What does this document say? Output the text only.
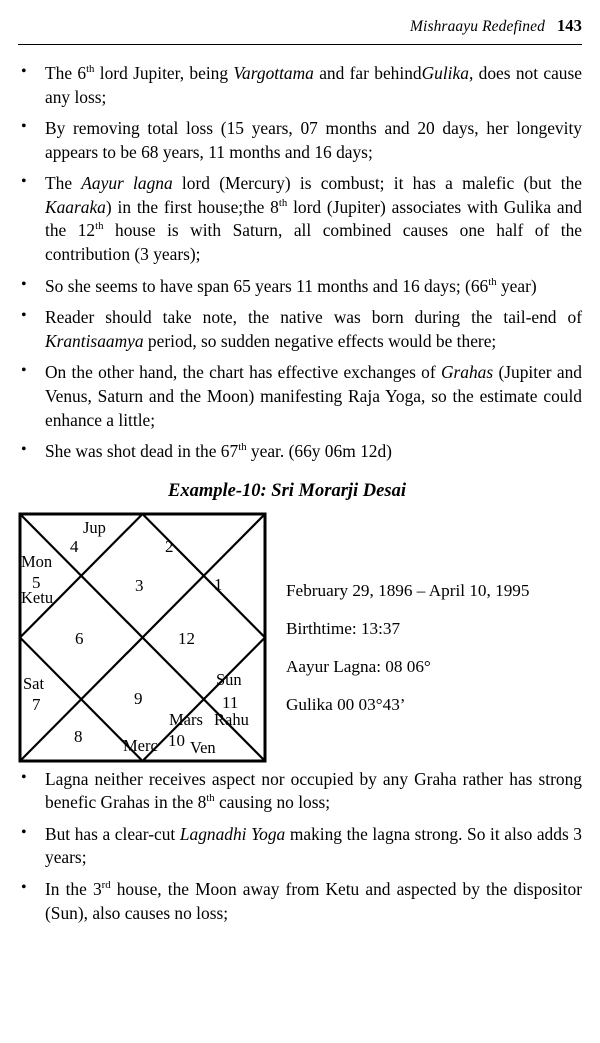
Mishraayu Redefined 143
• The 6th lord Jupiter, being Vargottama and far behindGulika, does not cause any loss;
• By removing total loss (15 years, 07 months and 20 days, her longevity appears to be 68 years, 11 months and 16 days;
• The Aayur lagna lord (Mercury) is combust; it has a malefic (but the Kaaraka) in the first house;the 8th lord (Jupiter) associates with Gulika and the 12th house is with Saturn, all combined causes one half of the contribution (3 years);
• So she seems to have span 65 years 11 months and 16 days; (66th year)
• Reader should take note, the native was born during the tail-end of Krantisaamya period, so sudden negative effects would be there;
• On the other hand, the chart has effective exchanges of Grahas (Jupiter and Venus, Saturn and the Moon) manifesting Raja Yoga, so the estimate could enhance a little;
• She was shot dead in the 67th year. (66y 06m 12d)
Example-10: Sri Morarji Desai
1
2
3
Jup
4
Mon
5
Ketu
6
Sat
7
8
9
Mars
10
Merc Ven
Sun
11
Rahu
12
February 29, 1896 – April 10, 1995
Birthtime: 13:37
Aayur Lagna: 08 06°
Gulika 00 03°43’
• Lagna neither receives aspect nor occupied by any Graha rather has strong benefic Grahas in the 8th causing no loss;
• But has a clear-cut Lagnadhi Yoga making the lagna strong. So it also adds 3 years;
• In the 3rd house, the Moon away from Ketu and aspected by the dispositor (Sun), also causes no loss;
